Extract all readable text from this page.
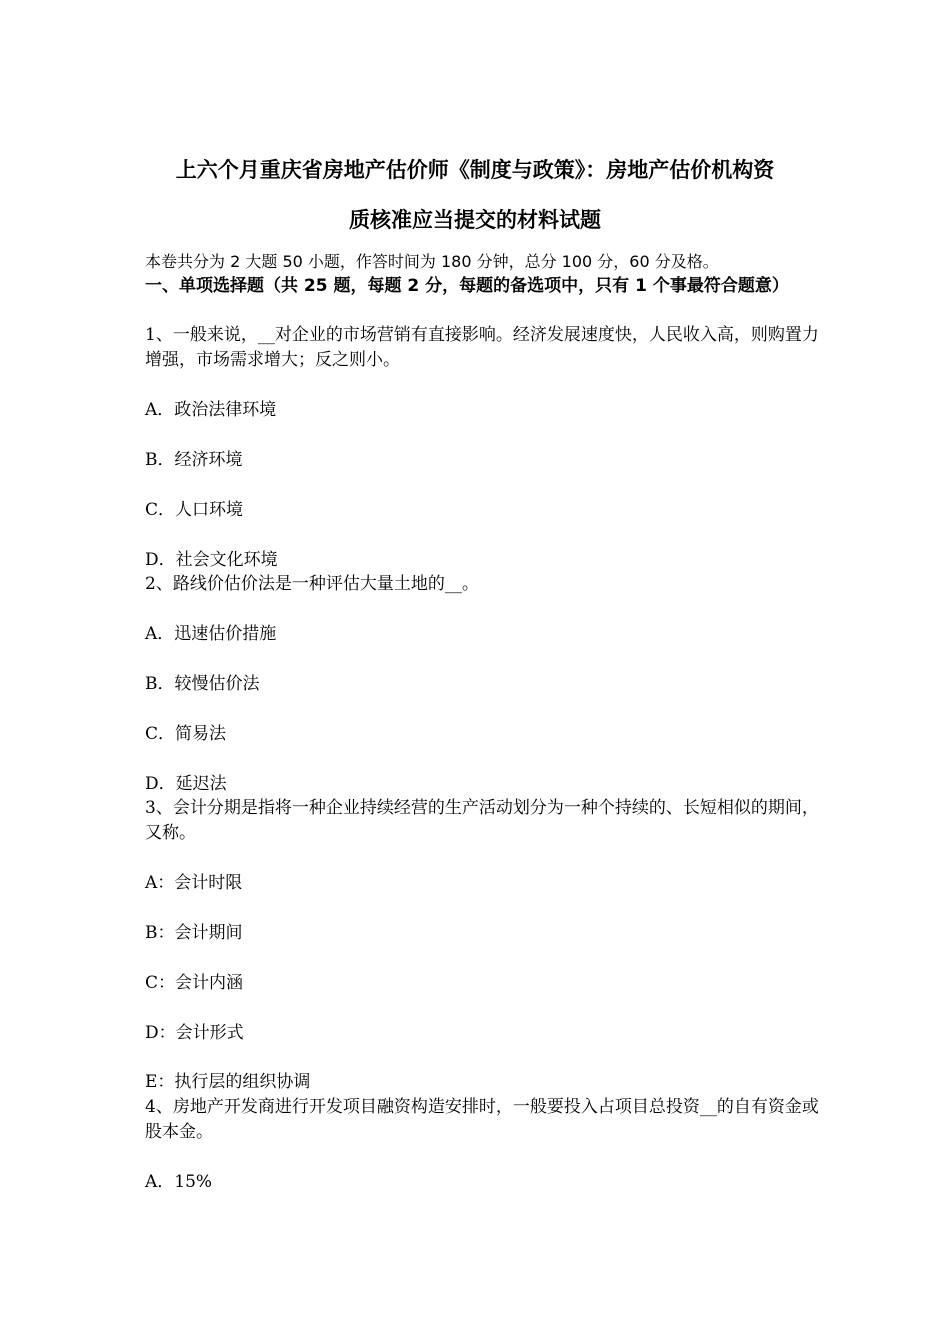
上六个月重庆省房地产估价师《制度与政策》：房地产估价机构资
质核准应当提交的材料试题
本卷共分为 2 大题 50 小题，作答时间为 180 分钟，总分 100 分，60 分及格。
一、单项选择题（共 25 题，每题 2 分，每题的备选项中，只有 1 个事最符合题意）
1、一般来说，__对企业的市场营销有直接影响。经济发展速度快，人民收入高，则购置力增强，市场需求增大；反之则小。
A．政治法律环境
B．经济环境
C．人口环境
D．社会文化环境
2、路线价估价法是一种评估大量土地的__。
A．迅速估价措施
B．较慢估价法
C．简易法
D．延迟法
3、会计分期是指将一种企业持续经营的生产活动划分为一种个持续的、长短相似的期间，又称。
A：会计时限
B：会计期间
C：会计内涵
D：会计形式
E：执行层的组织协调
4、房地产开发商进行开发项目融资构造安排时，一般要投入占项目总投资__的自有资金或股本金。
A．15%
